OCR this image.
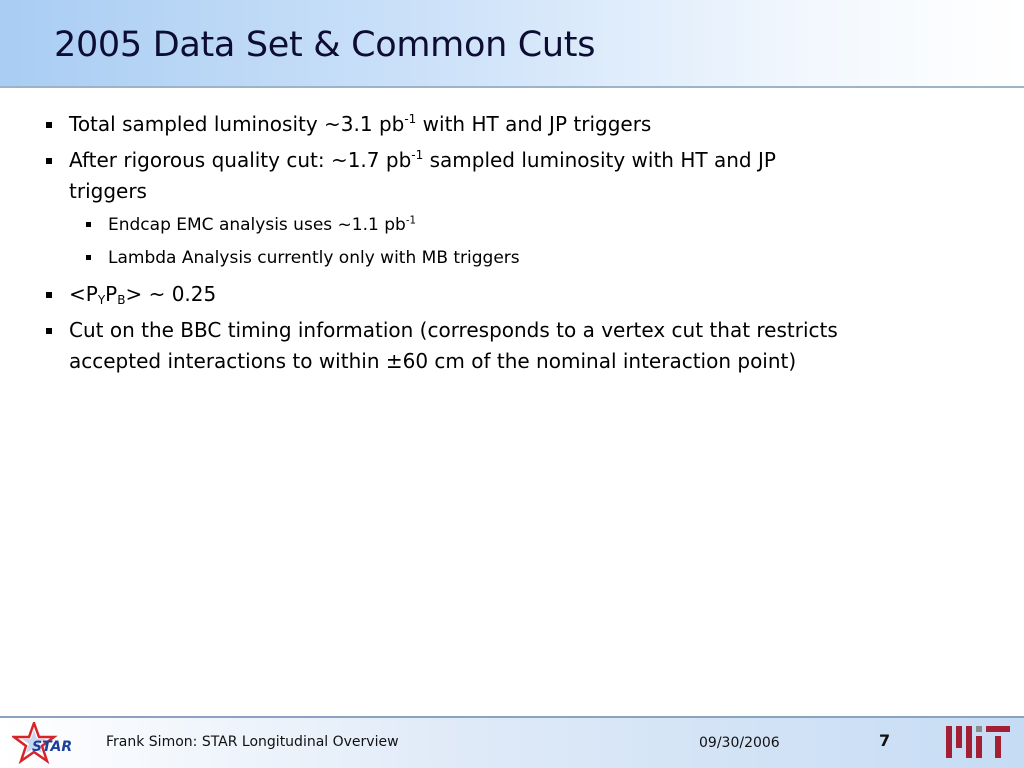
2005 Data Set & Common Cuts
Total sampled luminosity ~3.1 $pb^{-1}$ with HT and JP triggers
After rigorous quality cut: ~1.7 $pb^{-1}$ sampled luminosity with HT and JP
triggers
Endcap EMC analysis uses ~1.1 $pb^{-1}$
Lambda Analysis currently only with MB triggers
$<P_YP_B>$ ~ 0.25
Cut on the BBC timing information (corresponds to a vertex cut that restricts
accepted interactions to within ±60 cm of the nominal interaction point)
STAR Frank Simon: STAR Longitudinal Overview	09/30/2006	7
